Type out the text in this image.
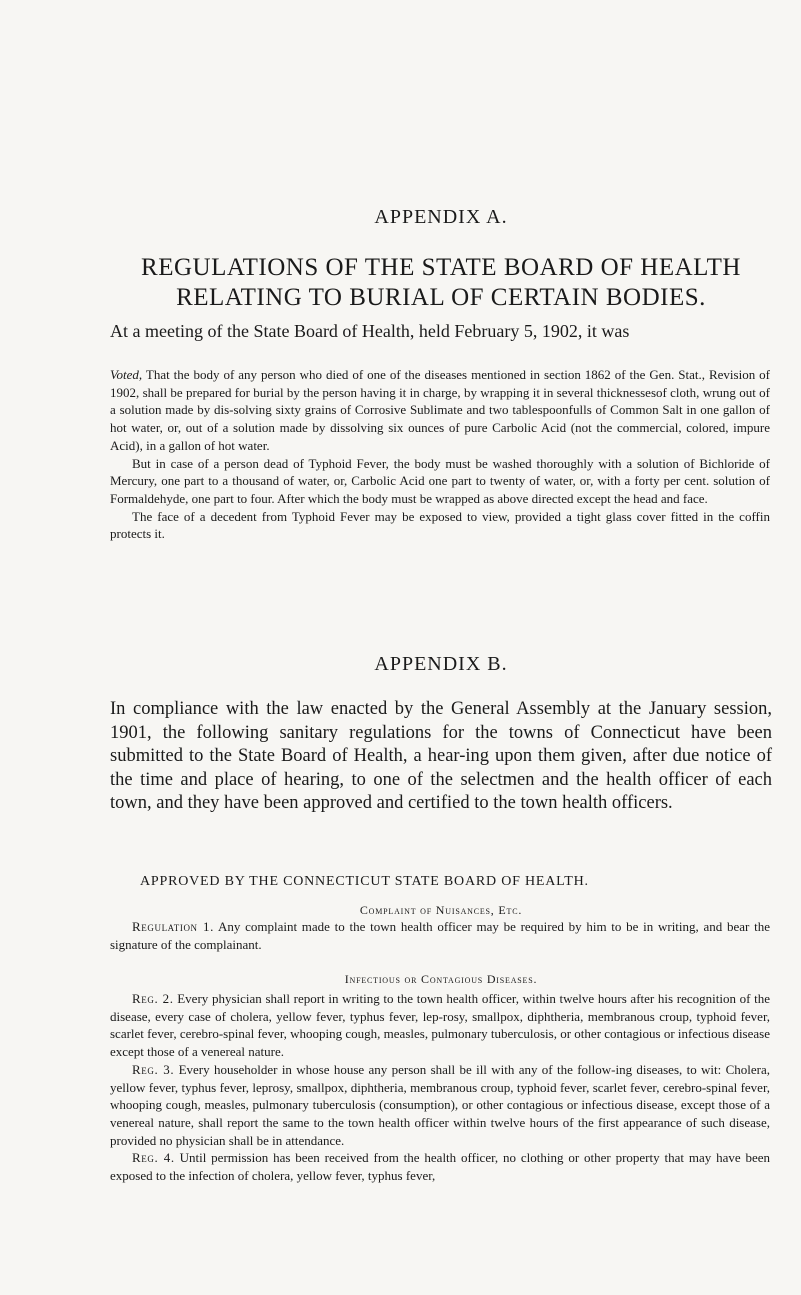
APPENDIX A.
REGULATIONS OF THE STATE BOARD OF HEALTH
RELATING TO BURIAL OF CERTAIN BODIES.
At a meeting of the State Board of Health, held February 5, 1902, it was

Voted, That the body of any person who died of one of the diseases mentioned in section 1862 of the Gen. Stat., Revision of 1902, shall be prepared for burial by the person having it in charge, by wrapping it in several thicknessesof cloth, wrung out of a solution made by dis-solving sixty grains of Corrosive Sublimate and two tablespoonfulls of Common Salt in one gallon of hot water, or, out of a solution made by dissolving six ounces of pure Carbolic Acid (not the commercial, colored, impure Acid), in a gallon of hot water.

But in case of a person dead of Typhoid Fever, the body must be washed thoroughly with a solution of Bichloride of Mercury, one part to a thousand of water, or, Carbolic Acid one part to twenty of water, or, with a forty per cent. solution of Formaldehyde, one part to four. After which the body must be wrapped as above directed except the head and face.

The face of a decedent from Typhoid Fever may be exposed to view, provided a tight glass cover fitted in the coffin protects it.

APPENDIX B.
In compliance with the law enacted by the General Assembly at the January session, 1901, the following sanitary regulations for the towns of Connecticut have been submitted to the State Board of Health, a hear-ing upon them given, after due notice of the time and place of hearing, to one of the selectmen and the health officer of each town, and they have been approved and certified to the town health officers.
APPROVED BY THE CONNECTICUT STATE BOARD OF HEALTH.
Complaint of Nuisances, Etc.

Regulation 1. Any complaint made to the town health officer may be required by him to be in writing, and bear the signature of the complainant.

Infectious or Contagious Diseases.

Reg. 2. Every physician shall report in writing to the town health officer, within twelve hours after his recognition of the disease, every case of cholera, yellow fever, typhus fever, lep-rosy, smallpox, diphtheria, membranous croup, typhoid fever, scarlet fever, cerebro-spinal fever, whooping cough, measles, pulmonary tuberculosis, or other contagious or infectious disease except those of a venereal nature.

Reg. 3. Every householder in whose house any person shall be ill with any of the follow-ing diseases, to wit: Cholera, yellow fever, typhus fever, leprosy, smallpox, diphtheria, membranous croup, typhoid fever, scarlet fever, cerebro-spinal fever, whooping cough, measles, pulmonary tuberculosis (consumption), or other contagious or infectious disease, except those of a venereal nature, shall report the same to the town health officer within twelve hours of the first appearance of such disease, provided no physician shall be in attendance.

Reg. 4. Until permission has been received from the health officer, no clothing or other property that may have been exposed to the infection of cholera, yellow fever, typhus fever,
